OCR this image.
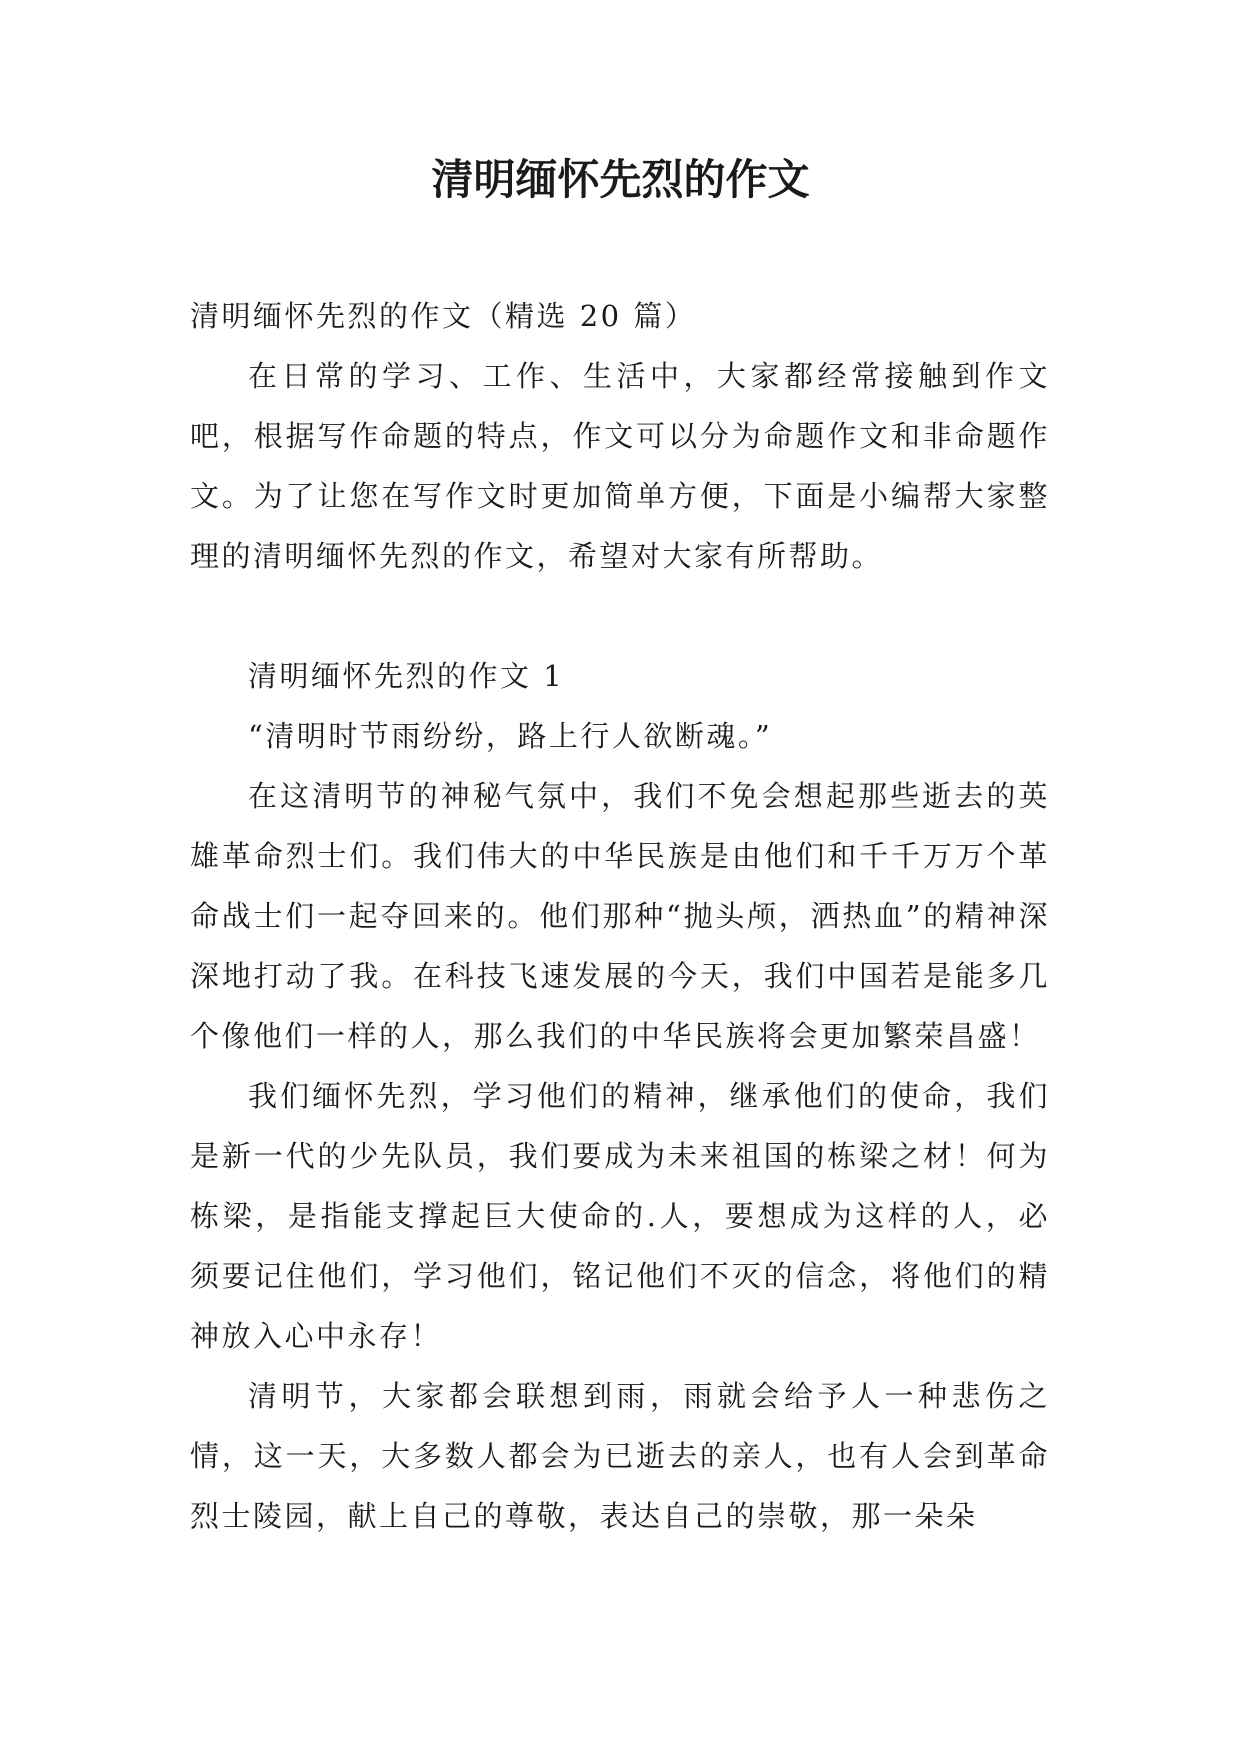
清明缅怀先烈的作文

清明缅怀先烈的作文（精选 20 篇）

在日常的学习、工作、生活中，大家都经常接触到作文吧，根据写作命题的特点，作文可以分为命题作文和非命题作文。为了让您在写作文时更加简单方便，下面是小编帮大家整理的清明缅怀先烈的作文，希望对大家有所帮助。

清明缅怀先烈的作文 1

“清明时节雨纷纷，路上行人欲断魂。”

在这清明节的神秘气氛中，我们不免会想起那些逝去的英雄革命烈士们。我们伟大的中华民族是由他们和千千万万个革命战士们一起夺回来的。他们那种“抛头颅，洒热血”的精神深深地打动了我。在科技飞速发展的今天，我们中国若是能多几个像他们一样的人，那么我们的中华民族将会更加繁荣昌盛！

我们缅怀先烈，学习他们的精神，继承他们的使命，我们是新一代的少先队员，我们要成为未来祖国的栋梁之材！何为栋梁，是指能支撑起巨大使命的.人，要想成为这样的人，必须要记住他们，学习他们，铭记他们不灭的信念，将他们的精神放入心中永存！

清明节，大家都会联想到雨，雨就会给予人一种悲伤之情，这一天，大多数人都会为已逝去的亲人，也有人会到革命烈士陵园，献上自己的尊敬，表达自己的崇敬，那一朵朵
